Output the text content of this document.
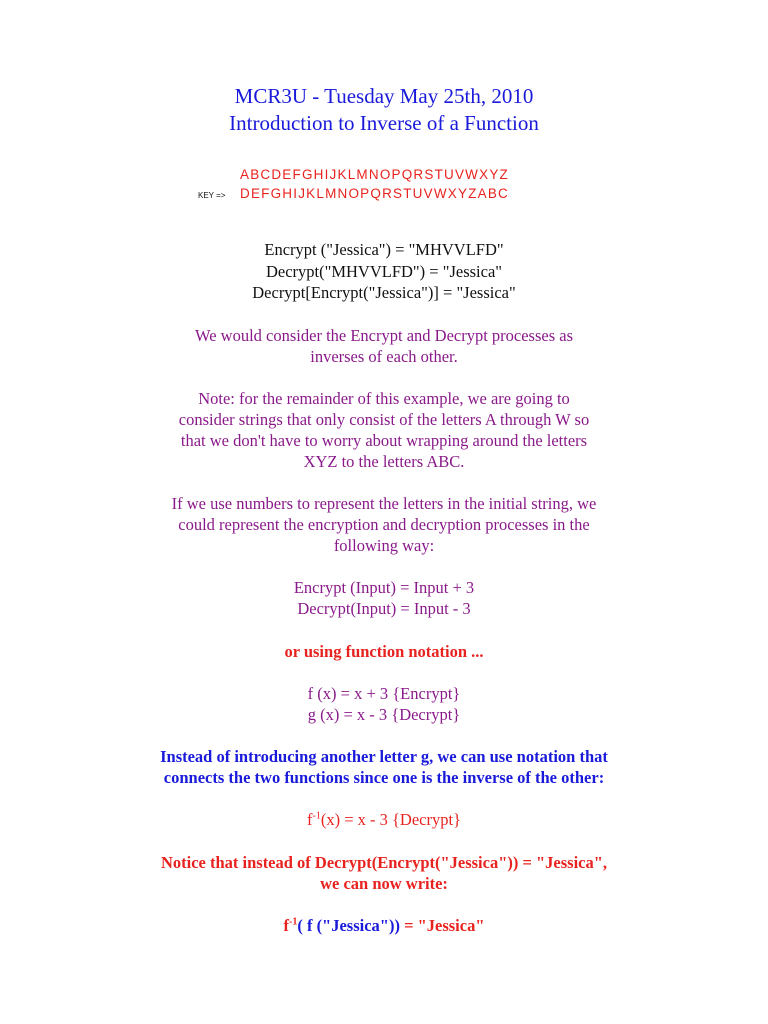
MCR3U - Tuesday May 25th, 2010
Introduction to Inverse of a Function
ABCDEFGHIJKLMNOPQRSTUVWXYZ
KEY => DEFGHIJKLMNOPQRSTUVWXYZABC
Encrypt ("Jessica") = "MHVVLFD"
Decrypt("MHVVLFD") = "Jessica"
Decrypt[Encrypt("Jessica")] = "Jessica"
We would consider the Encrypt and Decrypt processes as
inverses of each other.
Note: for the remainder of this example, we are going to
consider strings that only consist of the letters A through W so
that we don't have to worry about wrapping around the letters
XYZ to the letters ABC.
If we use numbers to represent the letters in the initial string, we
could represent the encryption and decryption processes in the
following way:
Encrypt (Input) = Input + 3
Decrypt(Input) = Input - 3
or using function notation ...
f (x) = x + 3 {Encrypt}
g (x) = x - 3 {Decrypt}
Instead of introducing another letter g, we can use notation that
connects the two functions since one is the inverse of the other:
$f^{-1}(x) = x - 3$ {Decrypt}
Notice that instead of Decrypt(Encrypt("Jessica")) = "Jessica",
we can now write:
$f^{-1}$( f ("Jessica")) = "Jessica"
